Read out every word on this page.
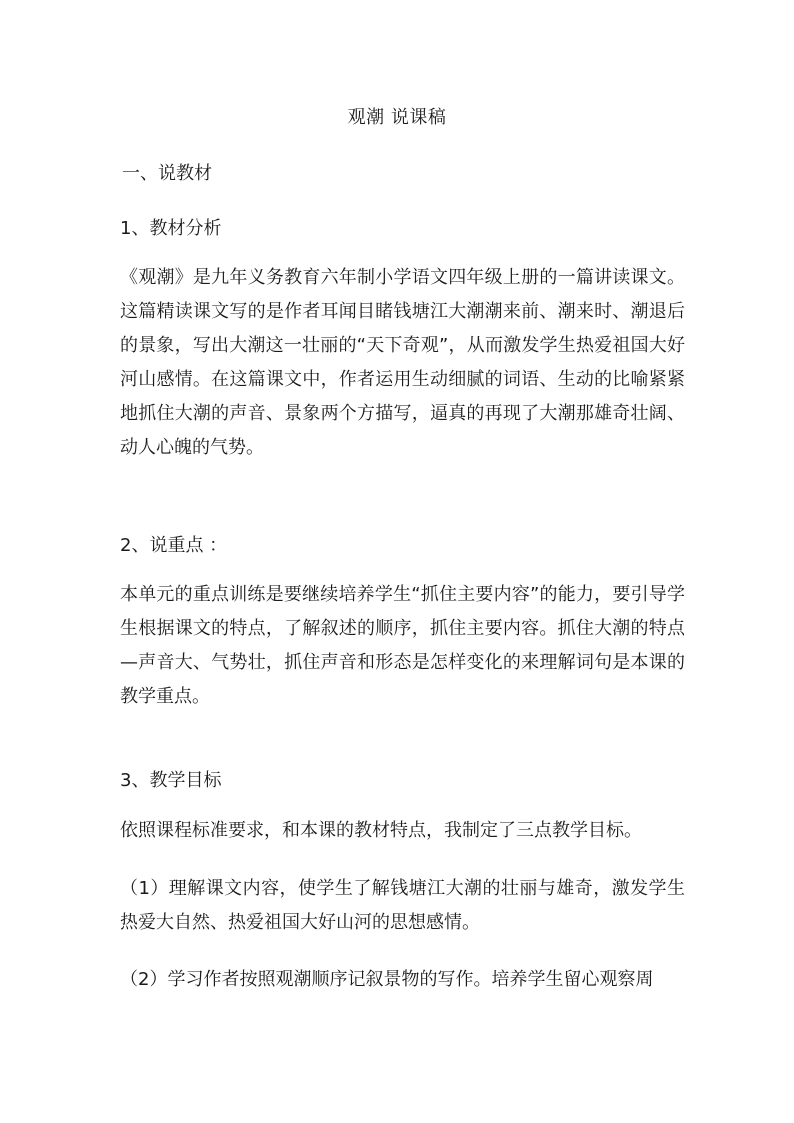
观潮 说课稿
一、说教材
1、教材分析
《观潮》是九年义务教育六年制小学语文四年级上册的一篇讲读课文。这篇精读课文写的是作者耳闻目睹钱塘江大潮潮来前、潮来时、潮退后的景象，写出大潮这一壮丽的“天下奇观”，从而激发学生热爱祖国大好河山感情。在这篇课文中，作者运用生动细腻的词语、生动的比喻紧紧地抓住大潮的声音、景象两个方描写，逼真的再现了大潮那雄奇壮阔、动人心魄的气势。
2、说重点 ：
本单元的重点训练是要继续培养学生“抓住主要内容”的能力，要引导学生根据课文的特点，了解叙述的顺序，抓住主要内容。抓住大潮的特点—声音大、气势壮，抓住声音和形态是怎样变化的来理解词句是本课的教学重点。
3、教学目标
依照课程标准要求，和本课的教材特点，我制定了三点教学目标。
（1）理解课文内容，使学生了解钱塘江大潮的壮丽与雄奇，激发学生热爱大自然、热爱祖国大好山河的思想感情。
（2）学习作者按照观潮顺序记叙景物的写作。培养学生留心观察周
